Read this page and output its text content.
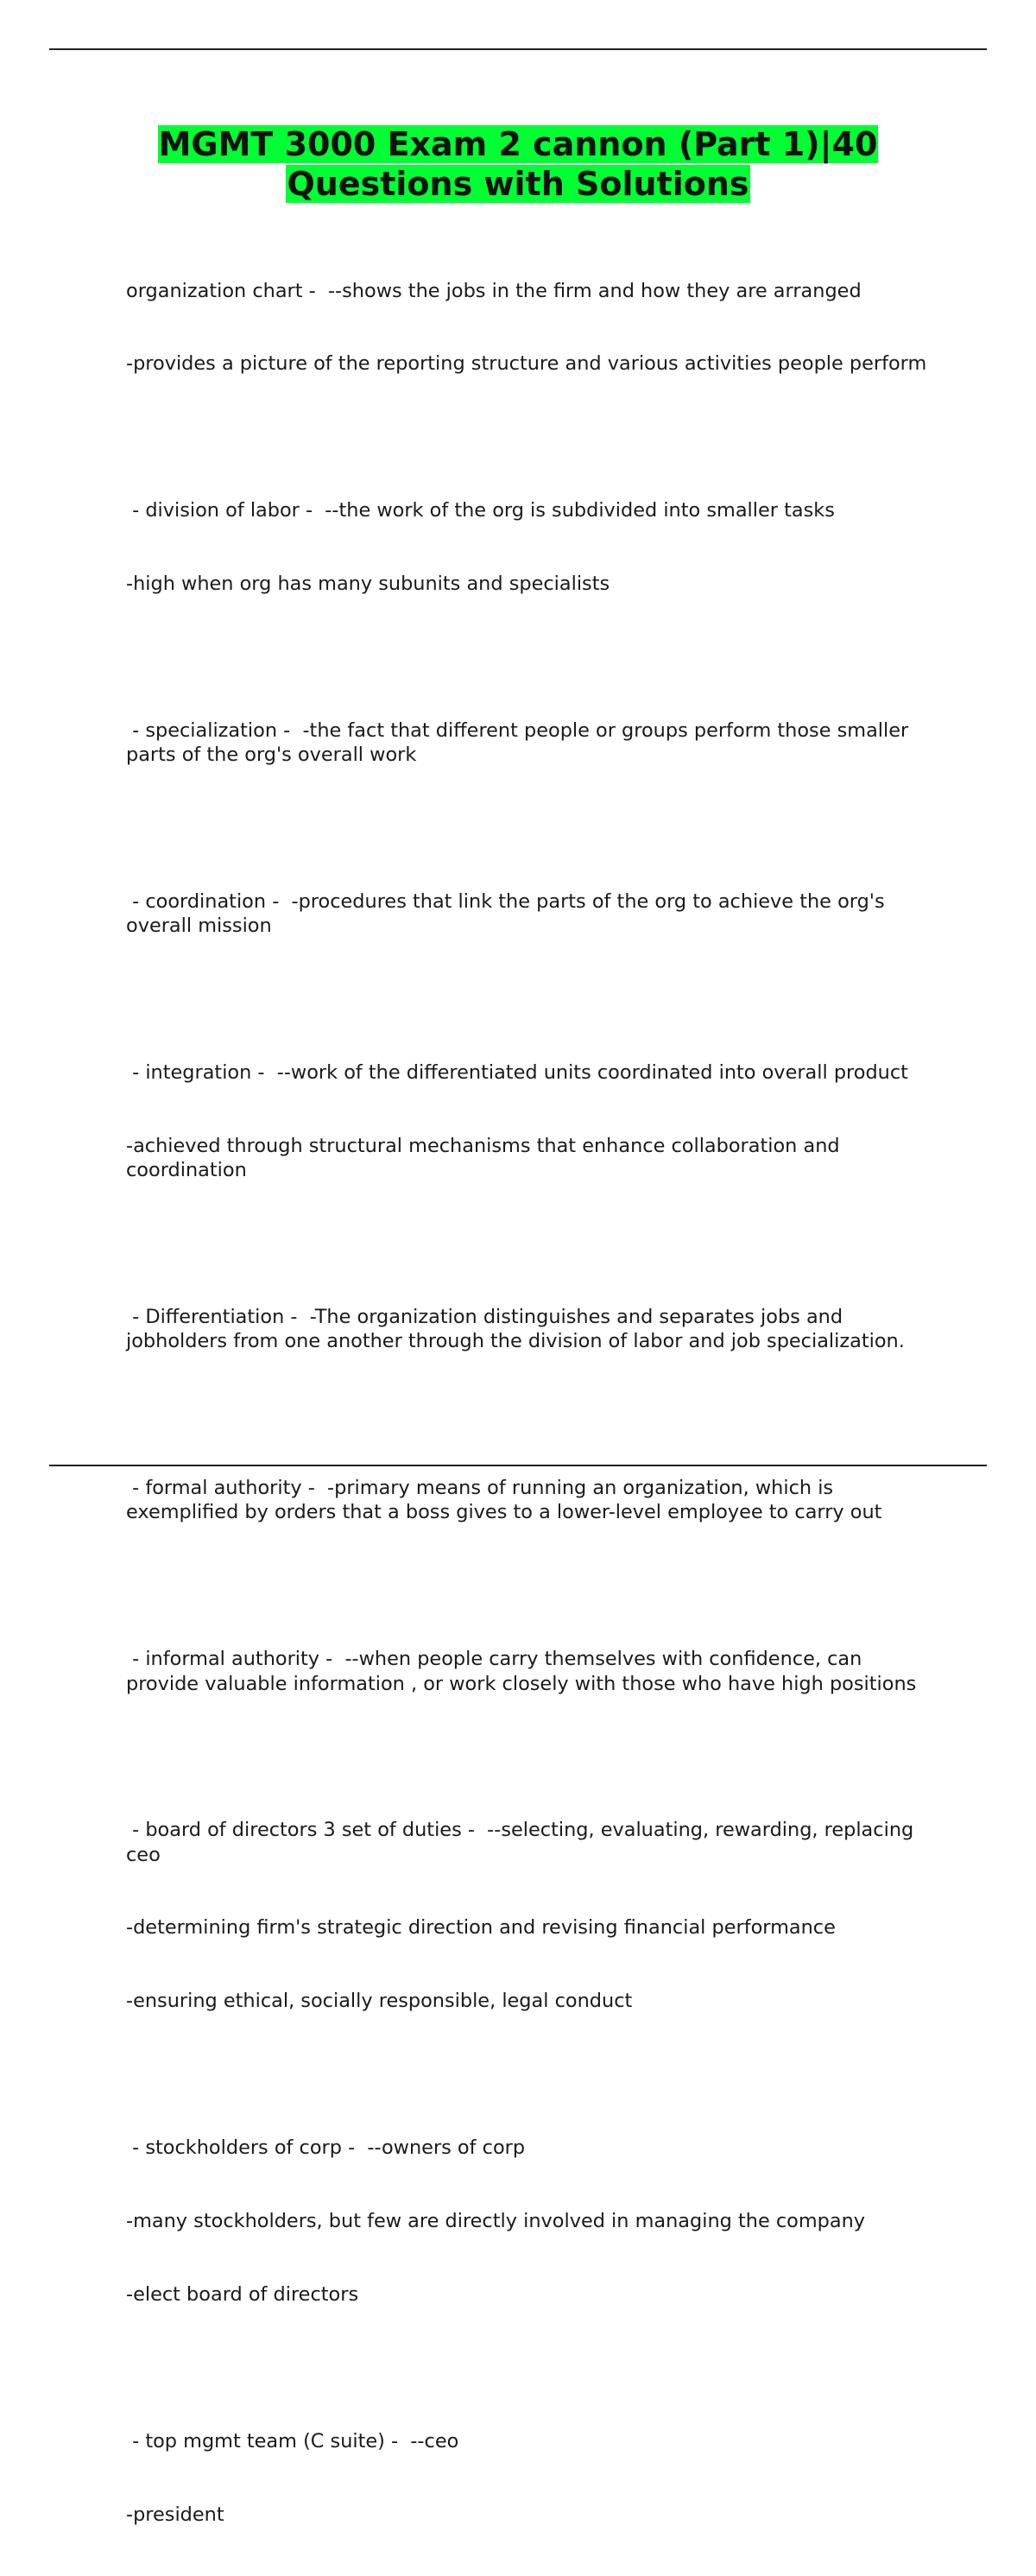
MGMT 3000 Exam 2 cannon (Part 1)|40 Questions with Solutions

organization chart -  --shows the jobs in the firm and how they are arranged

-provides a picture of the reporting structure and various activities people perform

- division of labor -  --the work of the org is subdivided into smaller tasks

-high when org has many subunits and specialists

- specialization -  -the fact that different people or groups perform those smaller parts of the org's overall work

- coordination -  -procedures that link the parts of the org to achieve the org's overall mission

- integration -  --work of the differentiated units coordinated into overall product

-achieved through structural mechanisms that enhance collaboration and coordination

- Differentiation -  -The organization distinguishes and separates jobs and jobholders from one another through the division of labor and job specialization.

- formal authority -  -primary means of running an organization, which is exemplified by orders that a boss gives to a lower-level employee to carry out

- informal authority -  --when people carry themselves with confidence, can provide valuable information , or work closely with those who have high positions

- board of directors 3 set of duties -  --selecting, evaluating, rewarding, replacing ceo

-determining firm's strategic direction and revising financial performance

-ensuring ethical, socially responsible, legal conduct

- stockholders of corp -  --owners of corp

-many stockholders, but few are directly involved in managing the company

-elect board of directors

- top mgmt team (C suite) -  --ceo

-president
